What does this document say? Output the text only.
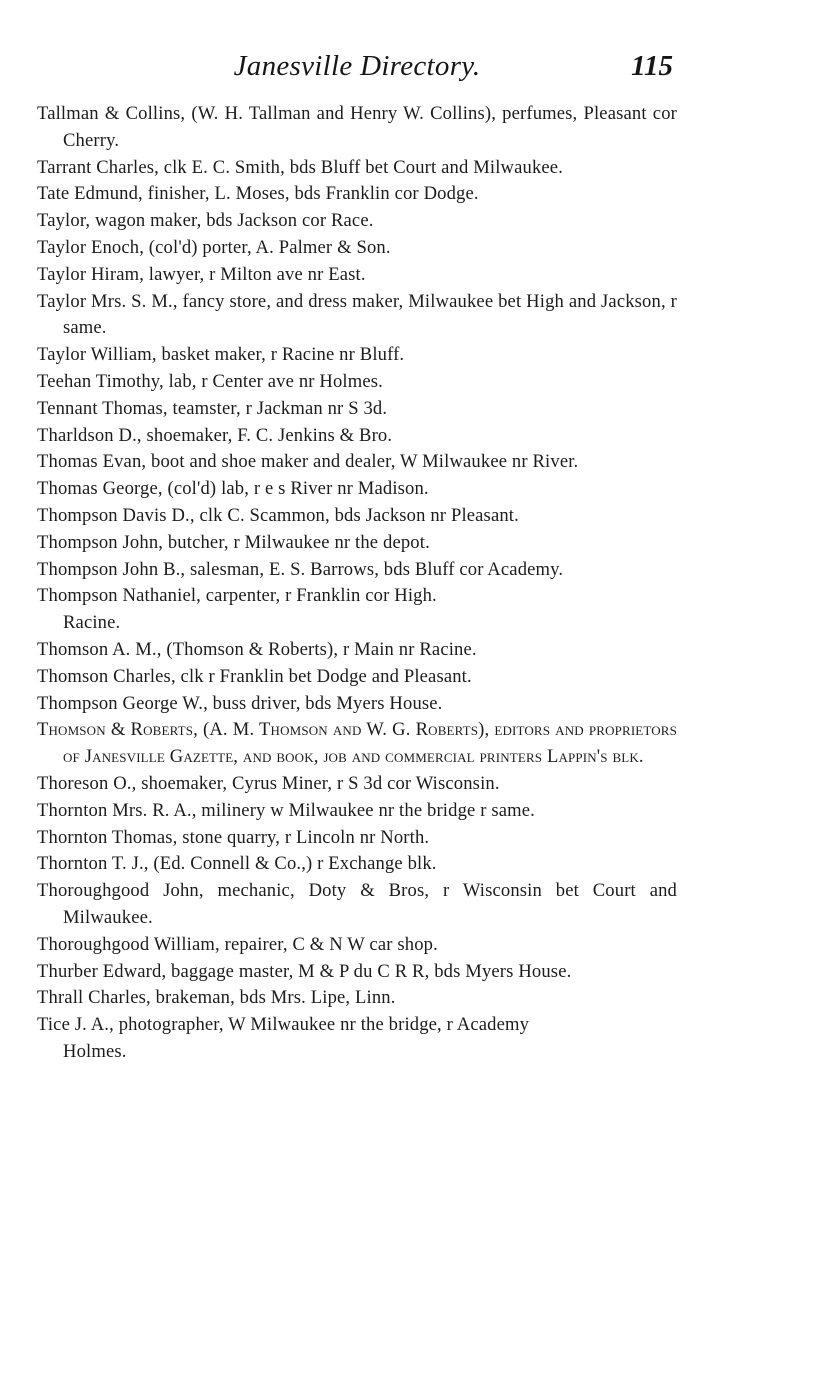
Janesville Directory.	115
Tallman & Collins, (W. H. Tallman and Henry W. Collins), perfumes, Pleasant cor Cherry.
Tarrant Charles, clk E. C. Smith, bds Bluff bet Court and Milwaukee.
Tate Edmund, finisher, L. Moses, bds Franklin cor Dodge.
Taylor, wagon maker, bds Jackson cor Race.
Taylor Enoch, (col'd) porter, A. Palmer & Son.
Taylor Hiram, lawyer, r Milton ave nr East.
Taylor Mrs. S. M., fancy store, and dress maker, Milwaukee bet High and Jackson, r same.
Taylor William, basket maker, r Racine nr Bluff.
Teehan Timothy, lab, r Center ave nr Holmes.
Tennant Thomas, teamster, r Jackman nr S 3d.
Tharldson D., shoemaker, F. C. Jenkins & Bro.
Thomas Evan, boot and shoe maker and dealer, W Milwaukee nr River.
Thomas George, (col'd) lab, r e s River nr Madison.
Thompson Davis D., clk C. Scammon, bds Jackson nr Pleasant.
Thompson John, butcher, r Milwaukee nr the depot.
Thompson John B., salesman, E. S. Barrows, bds Bluff cor Academy.
Thompson Nathaniel, carpenter, r Franklin cor High.
Racine.
Thomson A. M., (Thomson & Roberts), r Main nr Racine.
Thomson Charles, clk r Franklin bet Dodge and Pleasant.
Thompson George W., buss driver, bds Myers House.
Thomson & Roberts, (A. M. Thomson and W. G. Roberts), editors and proprietors of Janesville Gazette, and book, job and commercial printers Lappin's blk.
Thoreson O., shoemaker, Cyrus Miner, r S 3d cor Wisconsin.
Thornton Mrs. R. A., milinery w Milwaukee nr the bridge r same.
Thornton Thomas, stone quarry, r Lincoln nr North.
Thornton T. J., (Ed. Connell & Co.,) r Exchange blk.
Thoroughgood John, mechanic, Doty & Bros, r Wisconsin bet Court and Milwaukee.
Thoroughgood William, repairer, C & N W car shop.
Thurber Edward, baggage master, M & P du C R R, bds Myers House.
Thrall Charles, brakeman, bds Mrs. Lipe, Linn.
Tice J. A., photographer, W Milwaukee nr the bridge, r Academy
Holmes.
